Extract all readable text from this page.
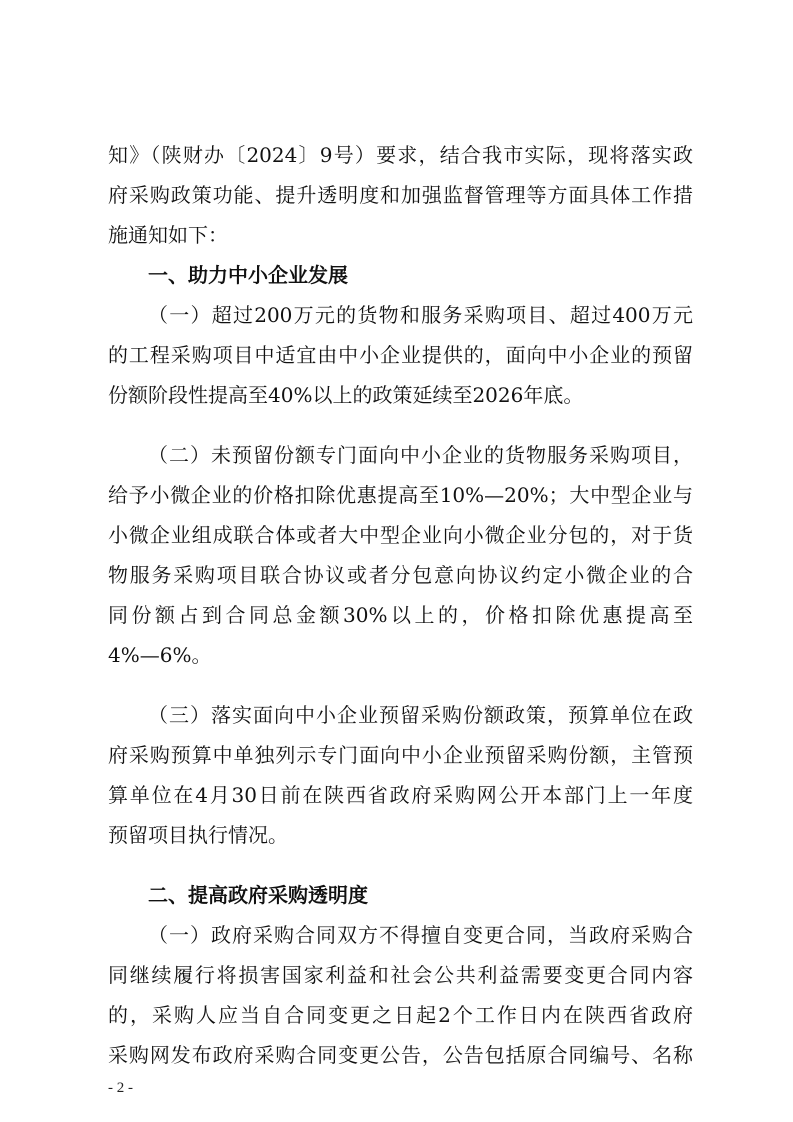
知》（陕财办〔2024〕9号）要求，结合我市实际，现将落实政
府采购政策功能、提升透明度和加强监督管理等方面具体工作措
施通知如下：
一、助力中小企业发展
（一）超过200万元的货物和服务采购项目、超过400万元
的工程采购项目中适宜由中小企业提供的，面向中小企业的预留
份额阶段性提高至40%以上的政策延续至2026年底。
（二）未预留份额专门面向中小企业的货物服务采购项目，
给予小微企业的价格扣除优惠提高至10%—20%；大中型企业与
小微企业组成联合体或者大中型企业向小微企业分包的，对于货
物服务采购项目联合协议或者分包意向协议约定小微企业的合
同份额占到合同总金额30%以上的，价格扣除优惠提高至
4%—6%。
（三）落实面向中小企业预留采购份额政策，预算单位在政
府采购预算中单独列示专门面向中小企业预留采购份额，主管预
算单位在4月30日前在陕西省政府采购网公开本部门上一年度
预留项目执行情况。
二、提高政府采购透明度
（一）政府采购合同双方不得擅自变更合同，当政府采购合
同继续履行将损害国家利益和社会公共利益需要变更合同内容
的，采购人应当自合同变更之日起2个工作日内在陕西省政府
采购网发布政府采购合同变更公告，公告包括原合同编号、名称
- 2 -
